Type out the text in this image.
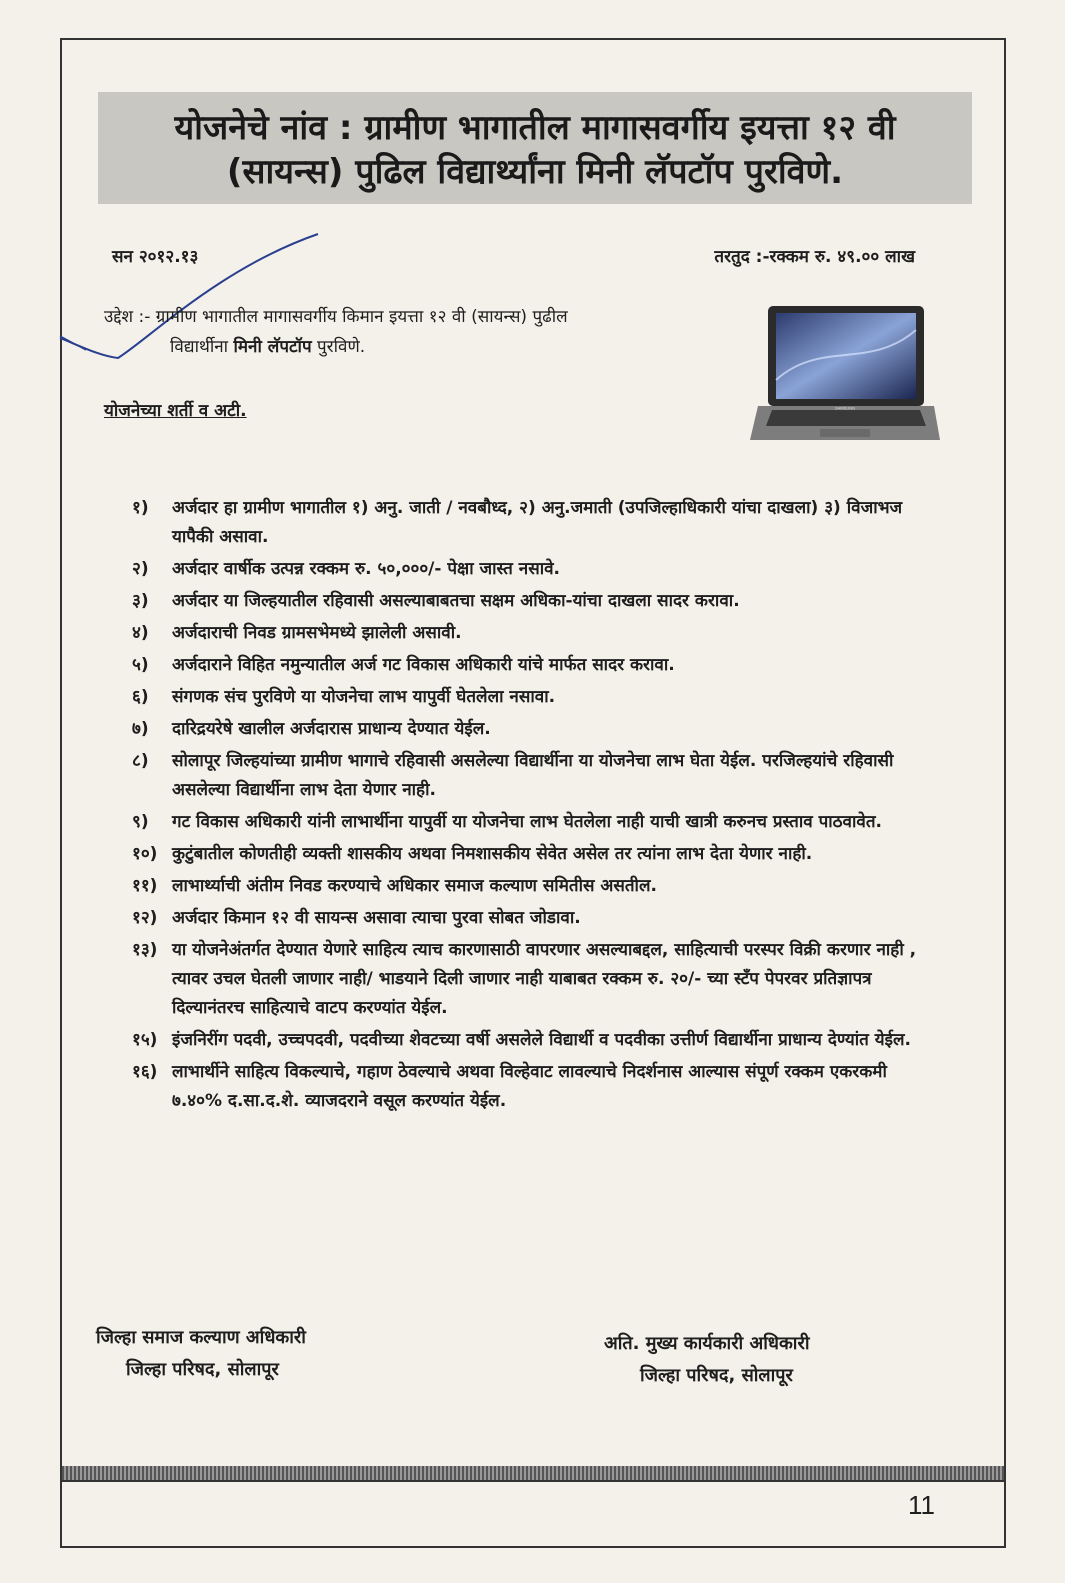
योजनेचे नांव : ग्रामीण भागातील मागासवर्गीय इयत्ता १२ वी
(सायन्स) पुढिल विद्यार्थ्यांना मिनी लॅपटॉप पुरविणे.
सन २०१२.१३	तरतुद :-रक्कम रु. ४९.०० लाख
उद्देश :- ग्रामीण भागातील मागासवर्गीय किमान इयत्ता १२ वी (सायन्स) पुढील
विद्यार्थीना मिनी लॅपटॉप पुरविणे.
SAMSUNG
योजनेच्या शर्ती व अटी.
१)	अर्जदार हा ग्रामीण भागातील १) अनु. जाती / नवबौध्द, २) अनु.जमाती (उपजिल्हाधिकारी यांचा दाखला) ३) विजाभज यापैकी असावा.
२)	अर्जदार वार्षीक उत्पन्न रक्कम रु. ५०,०००/- पेक्षा जास्त नसावे.
३)	अर्जदार या जिल्हयातील रहिवासी असल्याबाबतचा सक्षम अधिका-यांचा दाखला सादर करावा.
४)	अर्जदाराची निवड ग्रामसभेमध्ये झालेली असावी.
५)	अर्जदाराने विहित नमुन्यातील अर्ज गट विकास अधिकारी यांचे मार्फत सादर करावा.
६)	संगणक संच पुरविणे या योजनेचा लाभ यापुर्वी घेतलेला नसावा.
७)	दारिद्रयरेषे खालील अर्जदारास प्राधान्य देण्यात येईल.
८)	सोलापूर जिल्हयांच्या ग्रामीण भागाचे रहिवासी असलेल्या विद्यार्थीना या योजनेचा लाभ घेता येईल. परजिल्हयांचे रहिवासी असलेल्या विद्यार्थीना लाभ देता येणार नाही.
९)	गट विकास अधिकारी यांनी लाभार्थीना यापुर्वी या योजनेचा लाभ घेतलेला नाही याची खात्री करुनच प्रस्ताव पाठवावेत.
१०) कुटुंबातील कोणतीही व्यक्ती शासकीय अथवा निमशासकीय सेवेत असेल तर त्यांना लाभ देता येणार नाही.
११) लाभार्थ्याची अंतीम निवड करण्याचे अधिकार समाज कल्याण समितीस असतील.
१२) अर्जदार किमान १२ वी सायन्स असावा त्याचा पुरवा सोबत जोडावा.
१३) या योजनेअंतर्गत देण्यात येणारे साहित्य त्याच कारणासाठी वापरणार असल्याबद्दल, साहित्याची परस्पर विक्री करणार नाही , त्यावर उचल घेतली जाणार नाही/ भाडयाने दिली जाणार नाही याबाबत रक्कम रु. २०/- च्या स्टँप पेपरवर प्रतिज्ञापत्र दिल्यानंतरच साहित्याचे वाटप करण्यांत येईल.
१५) इंजनिरींग पदवी, उच्चपदवी, पदवीच्या शेवटच्या वर्षी असलेले विद्यार्थी व पदवीका उत्तीर्ण विद्यार्थीना प्राधान्य देण्यांत येईल.
१६) लाभार्थीने साहित्य विकल्याचे, गहाण ठेवल्याचे अथवा विल्हेवाट लावल्याचे निदर्शनास आल्यास संपूर्ण रक्कम एकरकमी ७.४०% द.सा.द.शे. व्याजदराने वसूल करण्यांत येईल.
जिल्हा समाज कल्याण अधिकारी
जिल्हा परिषद, सोलापूर
अति. मुख्य कार्यकारी अधिकारी
जिल्हा परिषद, सोलापूर
11
